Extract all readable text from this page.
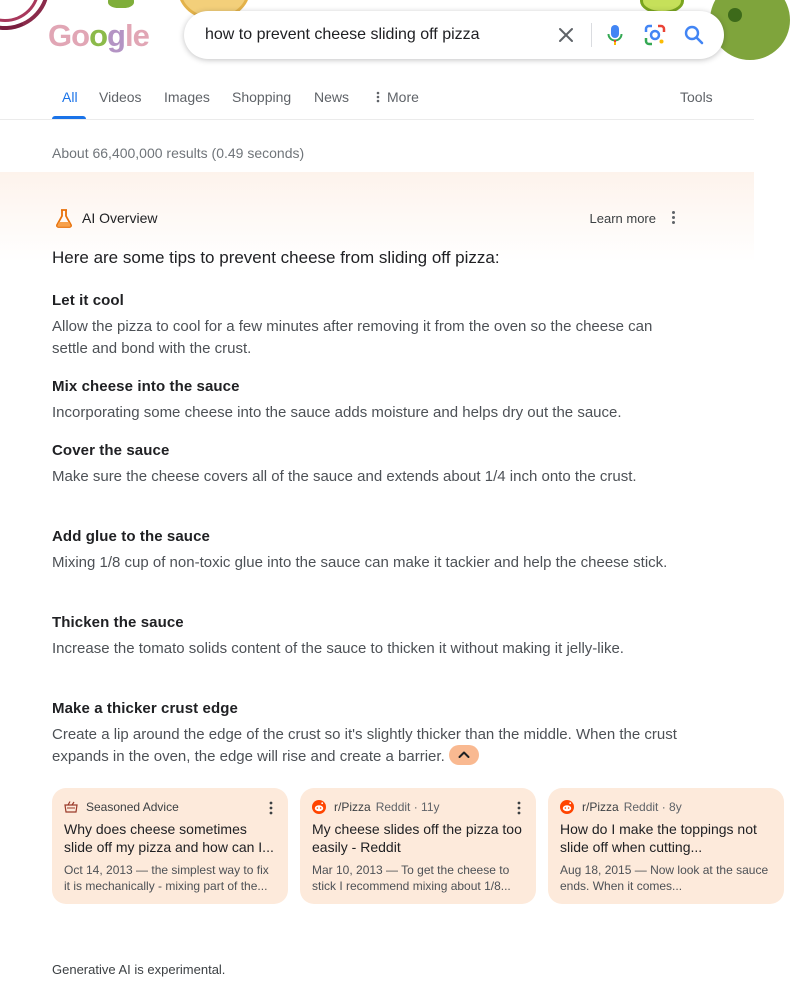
Google	how to prevent cheese sliding off pizza
All Videos Images Shopping News	More	Tools
About 66,400,000 results (0.49 seconds)
AI Overview	Learn more
Here are some tips to prevent cheese from sliding off pizza:
Let it cool
Allow the pizza to cool for a few minutes after removing it from the oven so the cheese can settle and bond with the crust.
Mix cheese into the sauce
Incorporating some cheese into the sauce adds moisture and helps dry out the sauce.
Cover the sauce
Make sure the cheese covers all of the sauce and extends about 1/4 inch onto the crust.
Add glue to the sauce
Mixing 1/8 cup of non-toxic glue into the sauce can make it tackier and help the cheese stick.
Thicken the sauce
Increase the tomato solids content of the sauce to thicken it without making it jelly-like.
Make a thicker crust edge
Create a lip around the edge of the crust so it's slightly thicker than the middle. When the crust expands in the oven, the edge will rise and create a barrier.
Seasoned Advice
Why does cheese sometimes slide off my pizza and how can I...
Oct 14, 2013 — the simplest way to fix it is mechanically - mixing part of the...
r/Pizza Reddit · 11y
My cheese slides off the pizza too easily - Reddit
Mar 10, 2013 — To get the cheese to stick I recommend mixing about 1/8...
r/Pizza Reddit · 8y
How do I make the toppings not slide off when cutting...
Aug 18, 2015 — Now look at the sauce ends. When it comes...
Generative AI is experimental.
